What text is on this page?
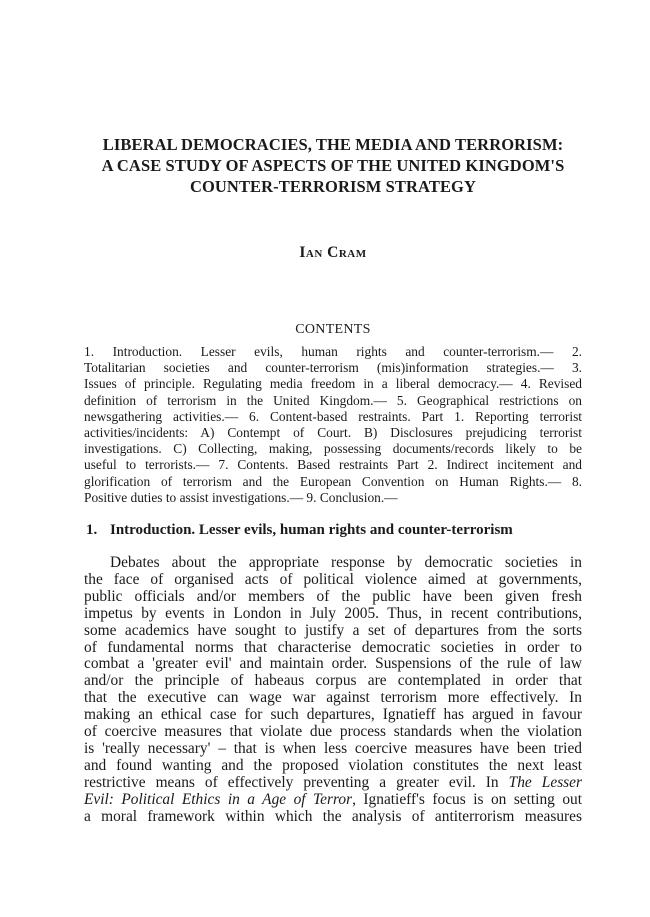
LIBERAL DEMOCRACIES, THE MEDIA AND TERRORISM:
A CASE STUDY OF ASPECTS OF THE UNITED KINGDOM'S
COUNTER-TERRORISM STRATEGY
Ian Cram
CONTENTS
1. Introduction. Lesser evils, human rights and counter-terrorism.— 2.
Totalitarian societies and counter-terrorism (mis)information strategies.— 3.
Issues of principle. Regulating media freedom in a liberal democracy.— 4. Revised
definition of terrorism in the United Kingdom.— 5. Geographical restrictions on
newsgathering activities.— 6. Content-based restraints. Part 1. Reporting terrorist
activities/incidents: A) Contempt of Court. B) Disclosures prejudicing terrorist
investigations. C) Collecting, making, possessing documents/records likely to be
useful to terrorists.— 7. Contents. Based restraints Part 2. Indirect incitement and
glorification of terrorism and the European Convention on Human Rights.— 8.
Positive duties to assist investigations.— 9. Conclusion.—
1. Introduction. Lesser evils, human rights and counter-terrorism
Debates about the appropriate response by democratic societies in
the face of organised acts of political violence aimed at governments,
public officials and/or members of the public have been given fresh
impetus by events in London in July 2005. Thus, in recent contributions,
some academics have sought to justify a set of departures from the sorts
of fundamental norms that characterise democratic societies in order to
combat a 'greater evil' and maintain order. Suspensions of the rule of law
and/or the principle of habeaus corpus are contemplated in order that
that the executive can wage war against terrorism more effectively. In
making an ethical case for such departures, Ignatieff has argued in favour
of coercive measures that violate due process standards when the violation
is 'really necessary' – that is when less coercive measures have been tried
and found wanting and the proposed violation constitutes the next least
restrictive means of effectively preventing a greater evil. In The Lesser
Evil: Political Ethics in a Age of Terror, Ignatieff's focus is on setting out
a moral framework within which the analysis of antiterrorism measures
